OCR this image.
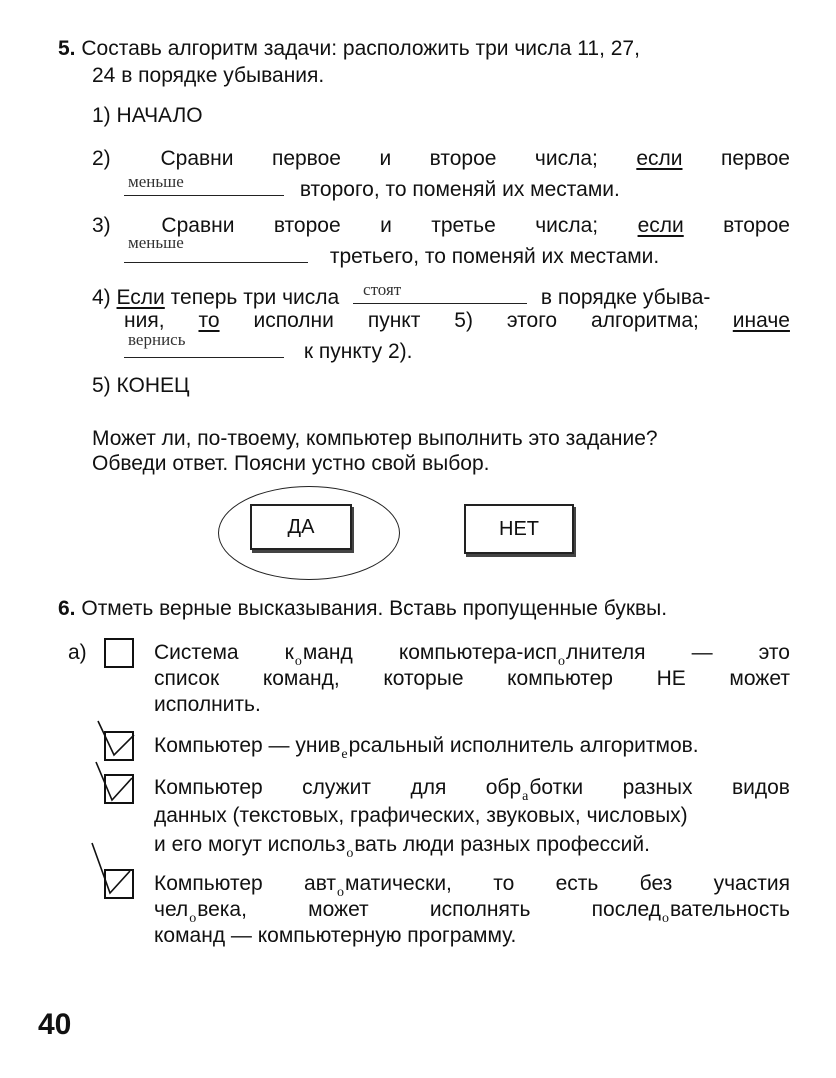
5. Составь алгоритм задачи: расположить три числа 11, 27,
24 в порядке убывания.
1) НАЧАЛО
2)	Сравни первое и второе числа; если первое
меньше	второго, то поменяй их местами.
3)	Сравни второе и третье числа; если второе
меньше
третьего, то поменяй их местами.
4) Если теперь три числа стоят	в порядке убыва-
ния, то исполни пункт 5) этого алгоритма; иначе
вернись
к пункту 2).
5) КОНЕЦ
Может ли, по-твоему, компьютер выполнить это задание?
Обведи ответ. Поясни устно свой выбор.
ДА	НЕТ
6. Отметь верные высказывания. Вставь пропущенные буквы.
а)	Система $к_оманд$ компьютера-исп$_о$лнителя — это
список команд, которые компьютер НЕ может
исполнить.
Компьютер — унив$_е$рсальный исполнитель алгоритмов.
Компьютер служит для обр$_а$ботки разных видов
данных (текстовых, графических, звуковых, числовых)
и его могут использ$_о$вать люди разных профессий.
Компьютер авт$_о$матически, то есть без участия
чел$_о$века,	может	исполнять	послед$_о$вательность
команд — компьютерную программу.
40
